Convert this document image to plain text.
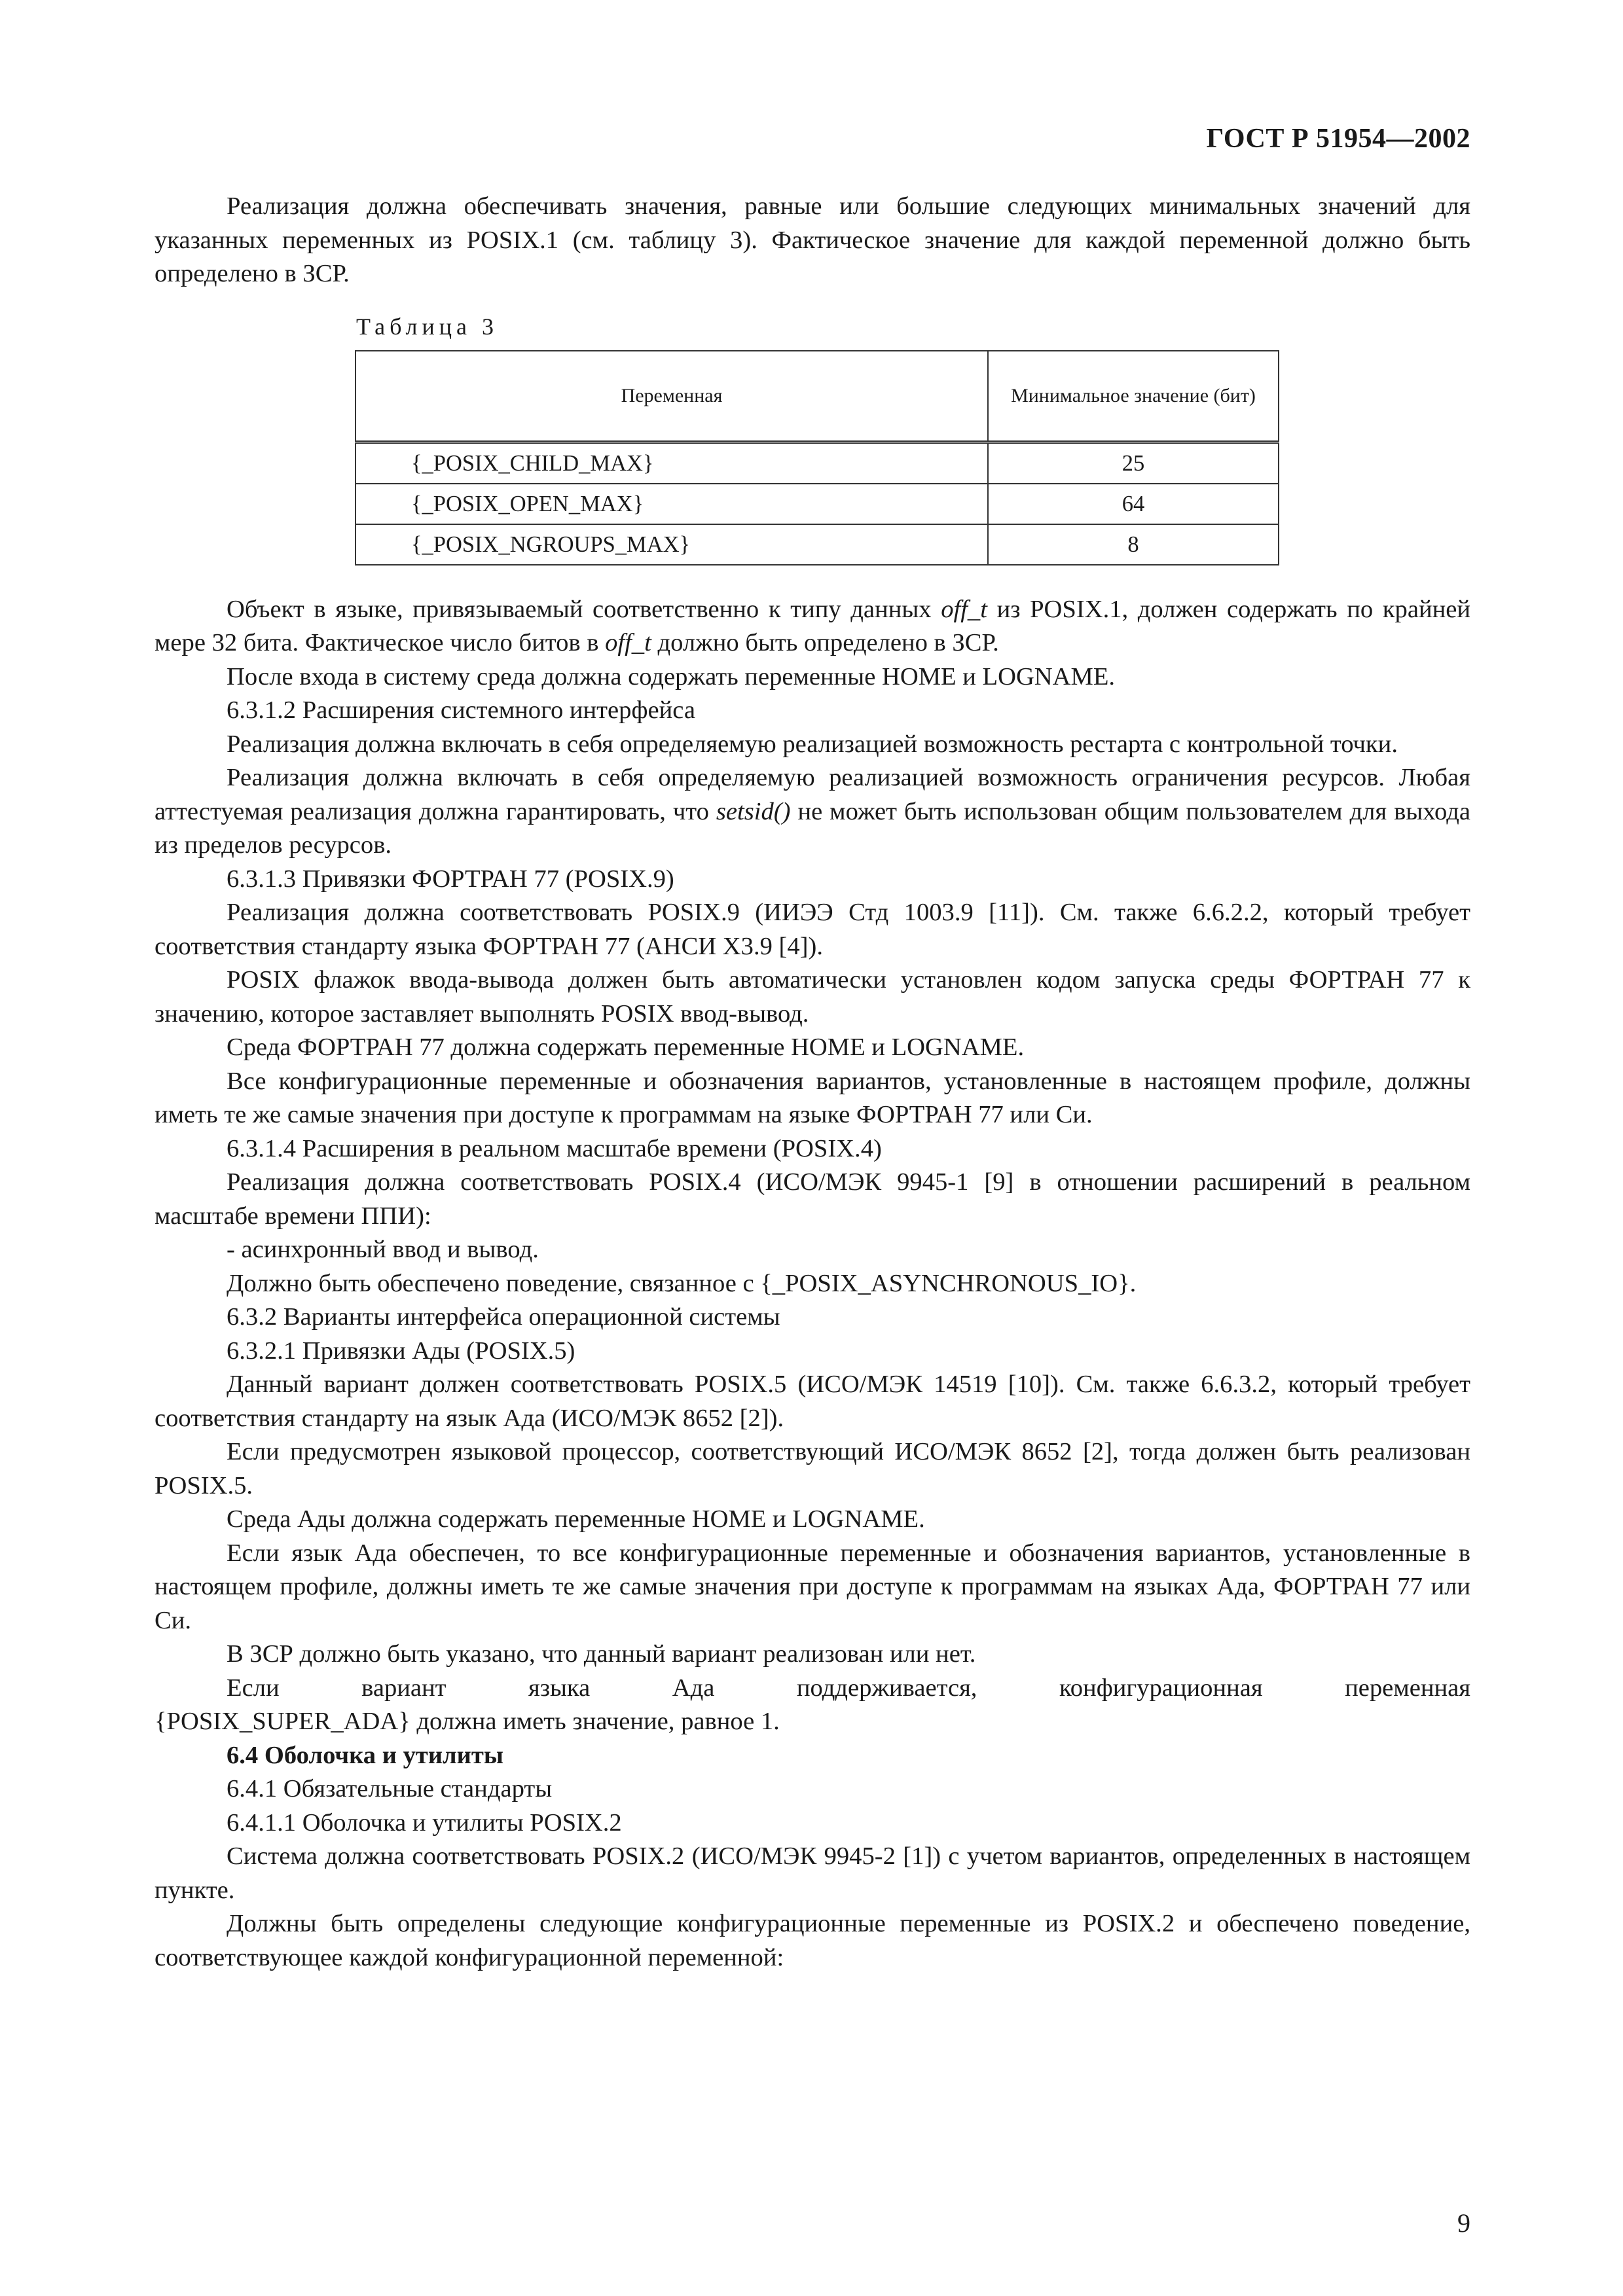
ГОСТ Р 51954—2002

Реализация должна обеспечивать значения, равные или большие следующих минимальных значений для указанных переменных из POSIX.1 (см. таблицу 3). Фактическое значение для каждой переменной должно быть определено в ЗСР.

Таблица 3
Переменная	Минимальное значение (бит)
{_POSIX_CHILD_MAX}	25
{_POSIX_OPEN_MAX}	64
{_POSIX_NGROUPS_MAX}	8

Объект в языке, привязываемый соответственно к типу данных off_t из POSIX.1, должен содержать по крайней мере 32 бита. Фактическое число битов в off_t должно быть определено в ЗСР.

После входа в систему среда должна содержать переменные HOME и LOGNAME.

6.3.1.2 Расширения системного интерфейса

Реализация должна включать в себя определяемую реализацией возможность рестарта с контрольной точки.

Реализация должна включать в себя определяемую реализацией возможность ограничения ресурсов. Любая аттестуемая реализация должна гарантировать, что setsid() не может быть использован общим пользователем для выхода из пределов ресурсов.

6.3.1.3 Привязки ФОРТРАН 77 (POSIX.9)

Реализация должна соответствовать POSIX.9 (ИИЭЭ Стд 1003.9 [11]). См. также 6.6.2.2, который требует соответствия стандарту языка ФОРТРАН 77 (АНСИ X3.9 [4]).

POSIX флажок ввода-вывода должен быть автоматически установлен кодом запуска среды ФОРТРАН 77 к значению, которое заставляет выполнять POSIX ввод-вывод.

Среда ФОРТРАН 77 должна содержать переменные HOME и LOGNAME.

Все конфигурационные переменные и обозначения вариантов, установленные в настоящем профиле, должны иметь те же самые значения при доступе к программам на языке ФОРТРАН 77 или Си.

6.3.1.4 Расширения в реальном масштабе времени (POSIX.4)

Реализация должна соответствовать POSIX.4 (ИСО/МЭК 9945-1 [9] в отношении расширений в реальном масштабе времени ППИ):

- асинхронный ввод и вывод.

Должно быть обеспечено поведение, связанное с {_POSIX_ASYNCHRONOUS_IO}.

6.3.2 Варианты интерфейса операционной системы

6.3.2.1 Привязки Ады (POSIX.5)

Данный вариант должен соответствовать POSIX.5 (ИСО/МЭК 14519 [10]). См. также 6.6.3.2, который требует соответствия стандарту на язык Ада (ИСО/МЭК 8652 [2]).

Если предусмотрен языковой процессор, соответствующий ИСО/МЭК 8652 [2], тогда должен быть реализован POSIX.5.

Среда Ады должна содержать переменные HOME и LOGNAME.

Если язык Ада обеспечен, то все конфигурационные переменные и обозначения вариантов, установленные в настоящем профиле, должны иметь те же самые значения при доступе к программам на языках Ада, ФОРТРАН 77 или Си.

В ЗСР должно быть указано, что данный вариант реализован или нет.

Если вариант языка Ада поддерживается, конфигурационная переменная

{POSIX_SUPER_ADA} должна иметь значение, равное 1.

6.4 Оболочка и утилиты

6.4.1 Обязательные стандарты

6.4.1.1 Оболочка и утилиты POSIX.2

Система должна соответствовать POSIX.2 (ИСО/МЭК 9945-2 [1]) с учетом вариантов, определенных в настоящем пункте.

Должны быть определены следующие конфигурационные переменные из POSIX.2 и обеспечено поведение, соответствующее каждой конфигурационной переменной:

9
